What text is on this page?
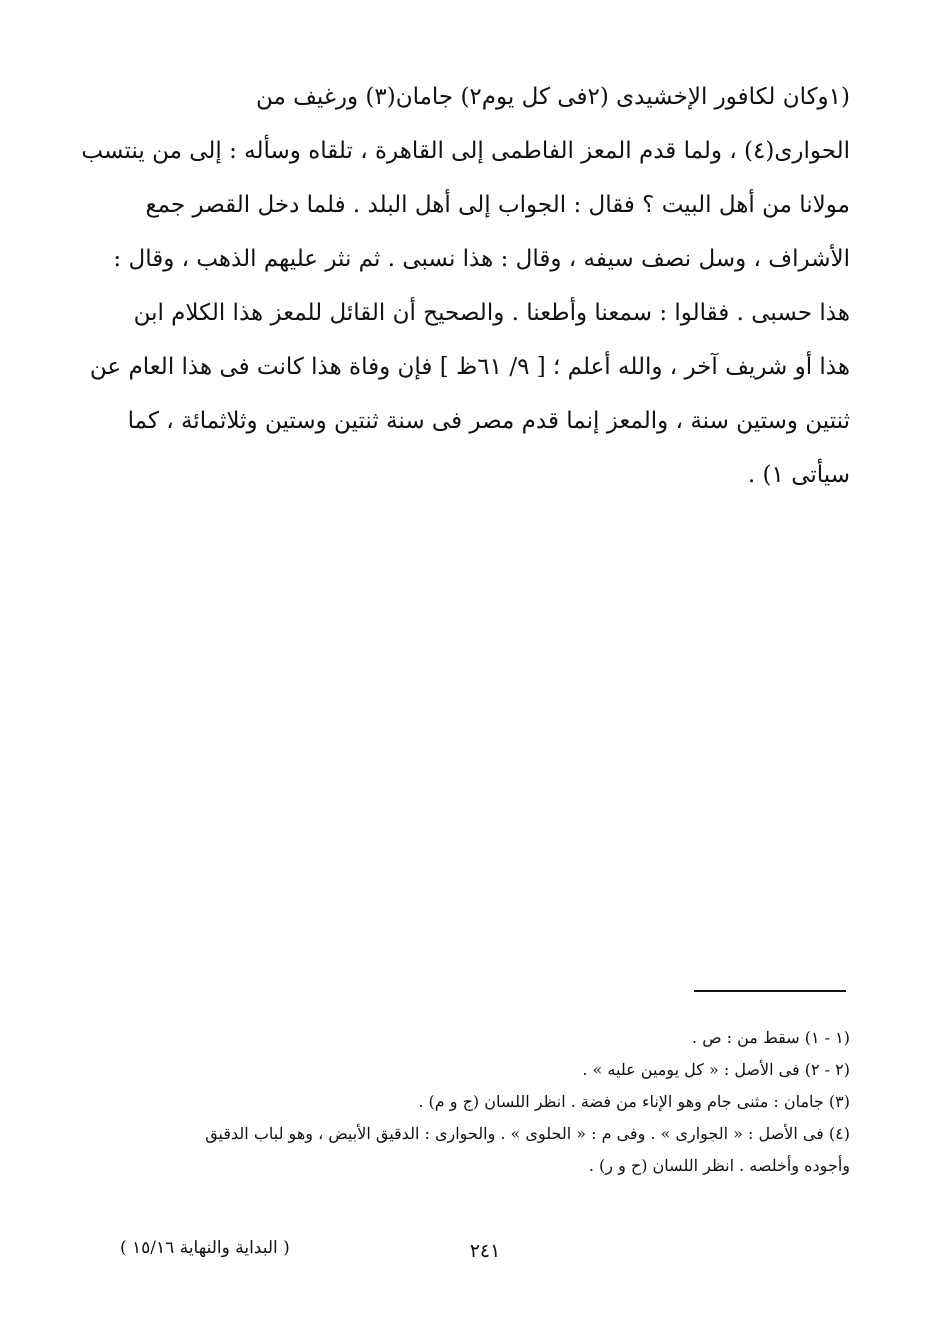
(١وكان لكافور الإخشيدى (٢فى كل يوم٢) جامان(٣) ورغيف من
الحوارى(٤) ، ولما قدم المعز الفاطمى إلى القاهرة ، تلقاه وسأله : إلى من ينتسب
مولانا من أهل البيت ؟ فقال : الجواب إلى أهل البلد . فلما دخل القصر جمع
الأشراف ، وسل نصف سيفه ، وقال : هذا نسبى . ثم نثر عليهم الذهب ، وقال :
هذا حسبى . فقالوا : سمعنا وأطعنا . والصحيح أن القائل للمعز هذا الكلام ابن
هذا أو شريف آخر ، والله أعلم ؛ [ ٩/ ٦١ظ ] فإن وفاة هذا كانت فى هذا العام عن
ثنتين وستين سنة ، والمعز إنما قدم مصر فى سنة ثنتين وستين وثلاثمائة ، كما
سيأتى ١) .
(١ - ١) سقط من : ص .
(٢ - ٢) فى الأصل : « كل يومين عليه » .
(٣) جامان : مثنى جام وهو الإناء من فضة . انظر اللسان (ج و م) .
(٤) فى الأصل : « الجوارى » . وفى م : « الحلوى » . والحوارى : الدقيق الأبيض ، وهو لباب الدقيق
وأجوده وأخلصه . انظر اللسان (ح و ر) .
٢٤١
( البداية والنهاية ١٥/١٦ )
